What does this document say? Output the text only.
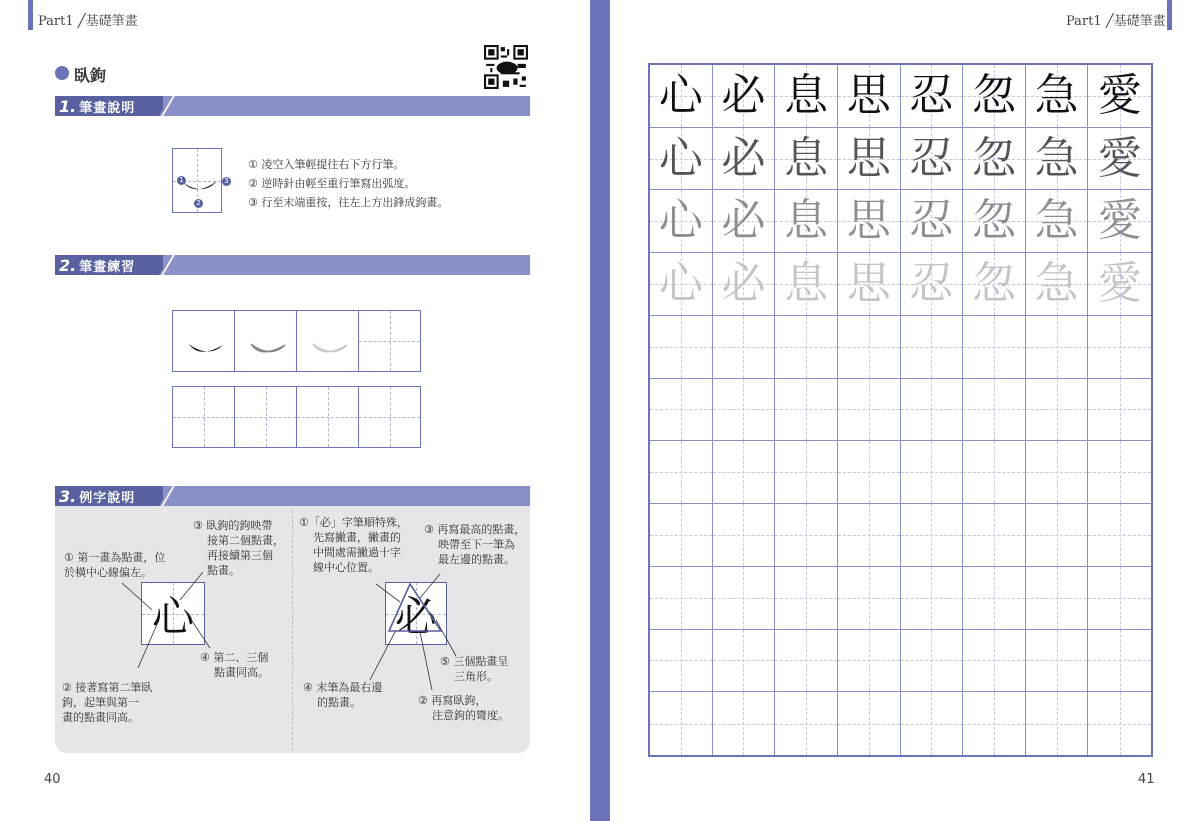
Part1 ╱基礎筆畫
臥鉤
1. 筆畫說明
1	3
2
① 凌空入筆輕提往右下方行筆。
② 逆時針由輕至重行筆寫出弧度。
③ 行至末端重按，往左上方出鋒成鉤畫。
2. 筆畫練習
3. 例字說明
心	必
① 第一畫為點畫，位
於橫中心線偏左。
② 接著寫第二筆臥
鉤，起筆與第一
畫的點畫同高。
③ 臥鉤的鉤映帶
接第二個點畫，
再接續第三個
點畫。
④ 第二、三個
點畫同高。
①「必」字筆順特殊，
先寫撇畫，撇畫的
中間處需撇過十字
線中心位置。
③ 再寫最高的點畫，
映帶至下一筆為
最左邊的點畫。
④ 末筆為最右邊
的點畫。	② 再寫臥鉤，
注意鉤的彎度。
⑤ 三個點畫呈
三角形。
40
Part1 ╱基礎筆畫
心 必 息 思 忍 忽 急 愛
心 必 息 思 忍 忽 急 愛
心 必 息 思 忍 忽 急 愛
心 必 息 思 忍 忽 急 愛
41
